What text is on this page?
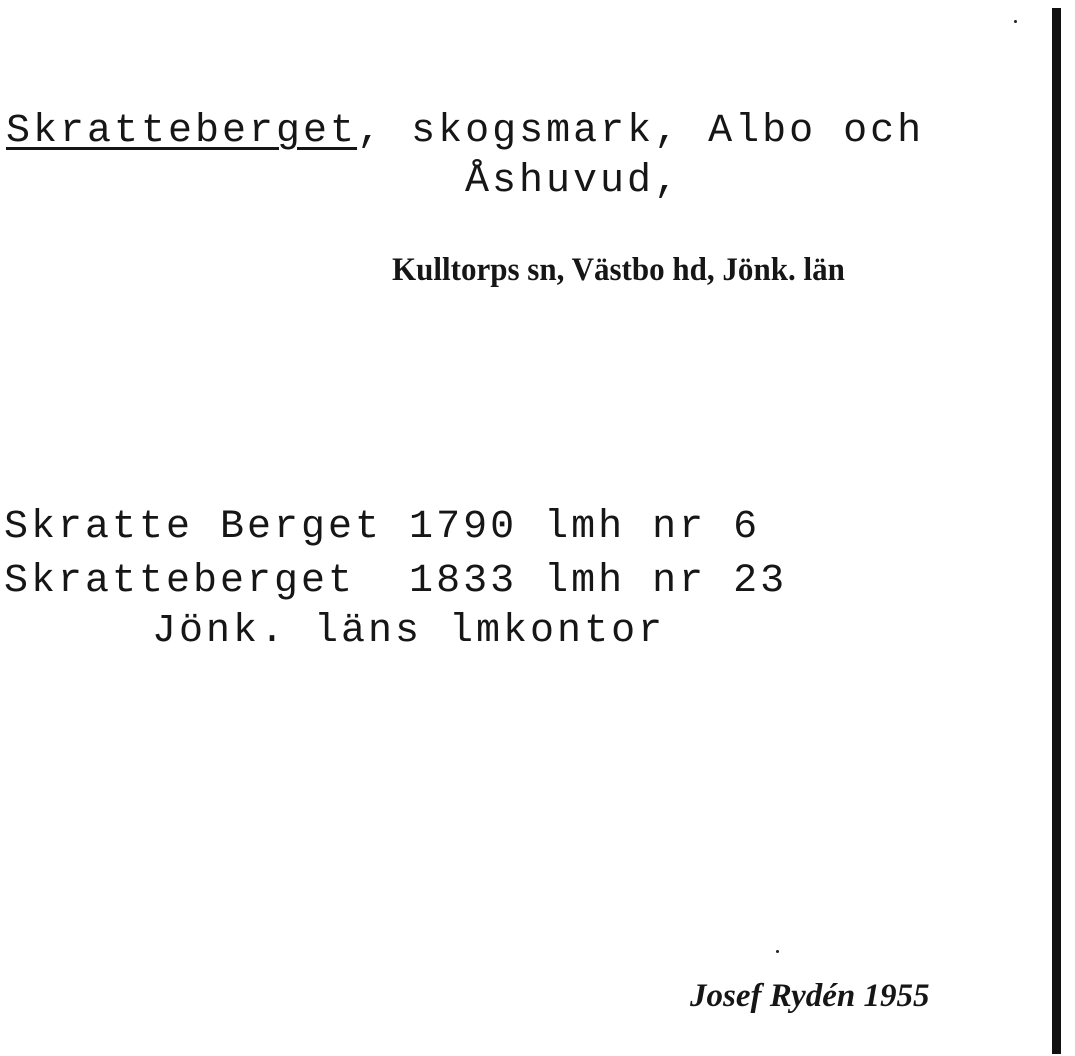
Skratteberget, skogsmark, Albo och
Åshuvud,
Kulltorps sn, Västbo hd, Jönk. län
Skratte Berget 1790 lmh nr 6
Skratteberget  1833 lmh nr 23
Jönk. läns lmkontor
Josef Rydén 1955
